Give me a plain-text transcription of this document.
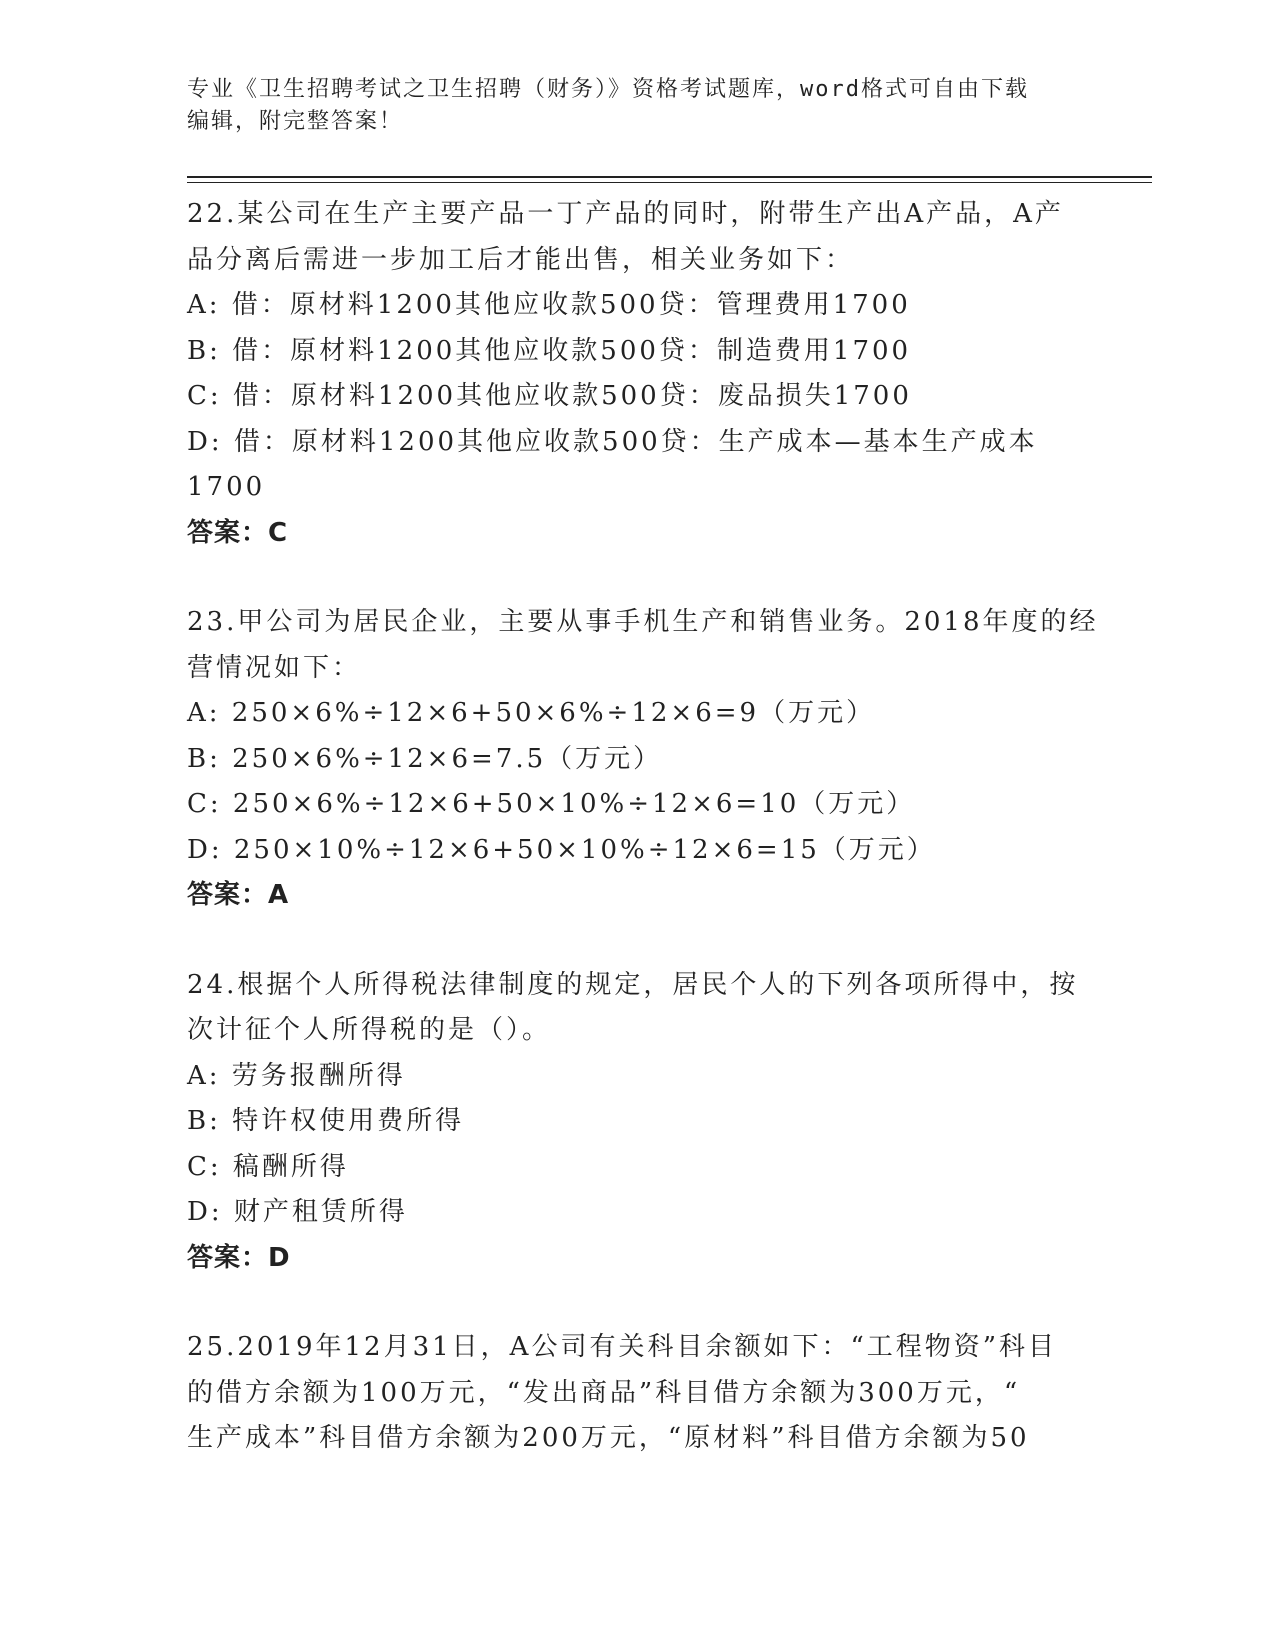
专业《卫生招聘考试之卫生招聘（财务）》资格考试题库，word格式可自由下载
编辑，附完整答案！
22.某公司在生产主要产品一丁产品的同时，附带生产出A产品，A产
品分离后需进一步加工后才能出售，相关业务如下：
A: 借：原材料1200其他应收款500贷：管理费用1700
B: 借：原材料1200其他应收款500贷：制造费用1700
C: 借：原材料1200其他应收款500贷：废品损失1700
D: 借：原材料1200其他应收款500贷：生产成本—基本生产成本
1700
答案：C
23.甲公司为居民企业，主要从事手机生产和销售业务。2018年度的经
营情况如下：
A: 250×6%÷12×6+50×6%÷12×6=9（万元）
B: 250×6%÷12×6=7.5（万元）
C: 250×6%÷12×6+50×10%÷12×6=10（万元）
D: 250×10%÷12×6+50×10%÷12×6=15（万元）
答案：A
24.根据个人所得税法律制度的规定，居民个人的下列各项所得中，按
次计征个人所得税的是（）。
A: 劳务报酬所得
B: 特许权使用费所得
C: 稿酬所得
D: 财产租赁所得
答案：D
25.2019年12月31日，A公司有关科目余额如下：“工程物资”科目
的借方余额为100万元，“发出商品”科目借方余额为300万元，“
生产成本”科目借方余额为200万元，“原材料”科目借方余额为50
